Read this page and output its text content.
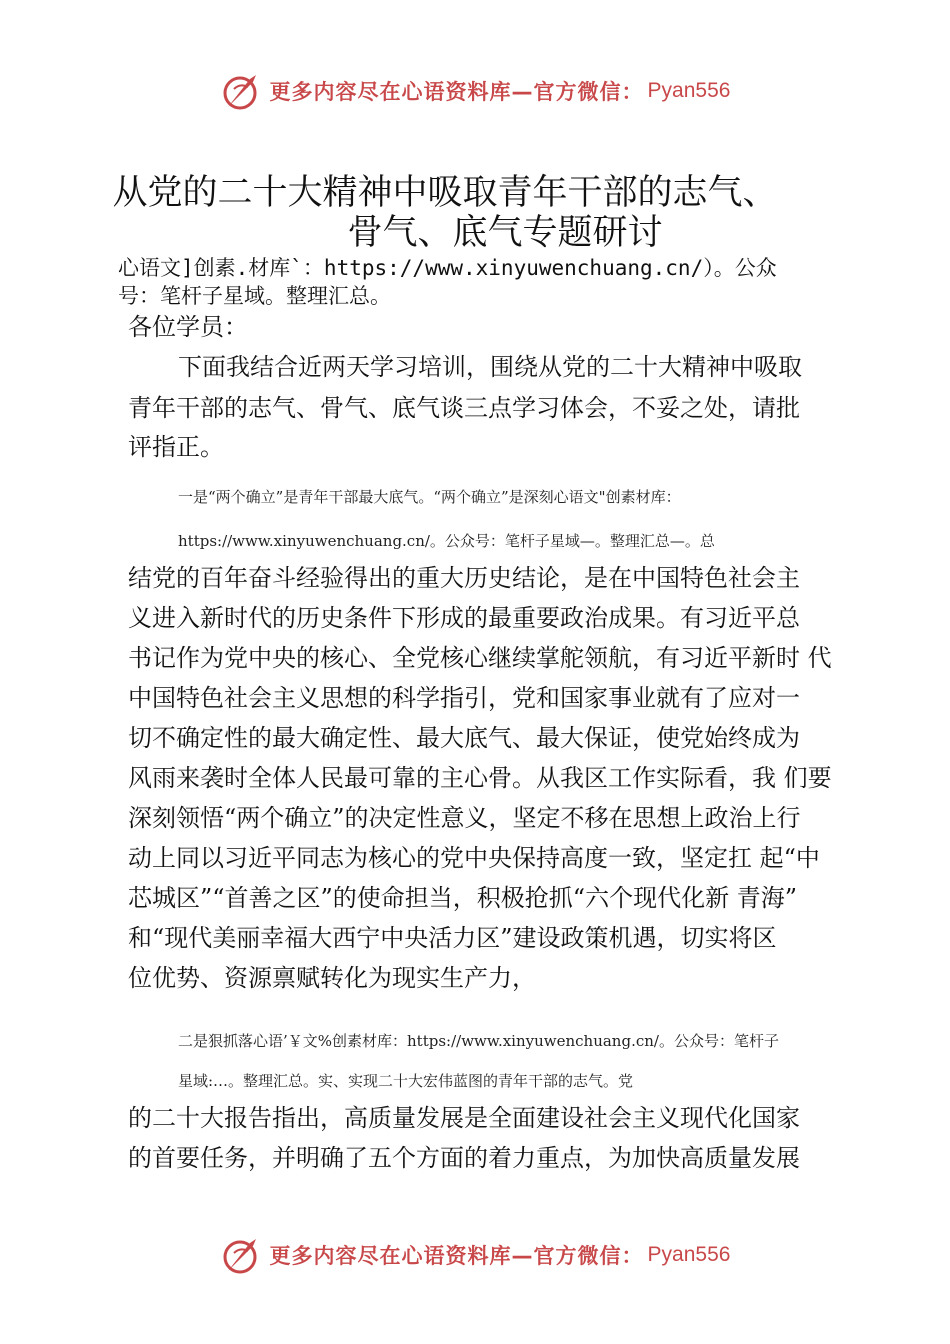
更多内容尽在心语资料库—官方微信： Pyan556
从党的二十大精神中吸取青年干部的志气、
骨气、底气专题研讨
心语文]创素.材库`：https://www.xinyuwenchuang.cn/）。公众
号：笔杆子星域。整理汇总。
各位学员：
下面我结合近两天学习培训，围绕从党的二十大精神中吸取
青年干部的志气、骨气、底气谈三点学习体会，不妥之处，请批
评指正。
一是“两个确立”是青年干部最大底气。“两个确立”是深刻心语文"创素材库：
https://www.xinyuwenchuang.cn/。公众号：笔杆子星域—。整理汇总—。总
结党的百年奋斗经验得出的重大历史结论，是在中国特色社会主
义进入新时代的历史条件下形成的最重要政治成果。有习近平总
书记作为党中央的核心、全党核心继续掌舵领航，有习近平新时 代
中国特色社会主义思想的科学指引，党和国家事业就有了应对一
切不确定性的最大确定性、最大底气、最大保证，使党始终成为
风雨来袭时全体人民最可靠的主心骨。从我区工作实际看，我 们要
深刻领悟“两个确立”的决定性意义，坚定不移在思想上政治上行
动上同以习近平同志为核心的党中央保持高度一致，坚定扛 起“中
芯城区”“首善之区”的使命担当，积极抢抓“六个现代化新 青海”
和“现代美丽幸福大西宁中央活力区”建设政策机遇，切实将区
位优势、资源禀赋转化为现实生产力，
二是狠抓落心语’￥文%创素材库：https://www.xinyuwenchuang.cn/。公众号：笔杆子
星域:…。整理汇总。实、实现二十大宏伟蓝图的青年干部的志气。党
的二十大报告指出，高质量发展是全面建设社会主义现代化国家
的首要任务，并明确了五个方面的着力重点，为加快高质量发展
更多内容尽在心语资料库—官方微信： Pyan556
